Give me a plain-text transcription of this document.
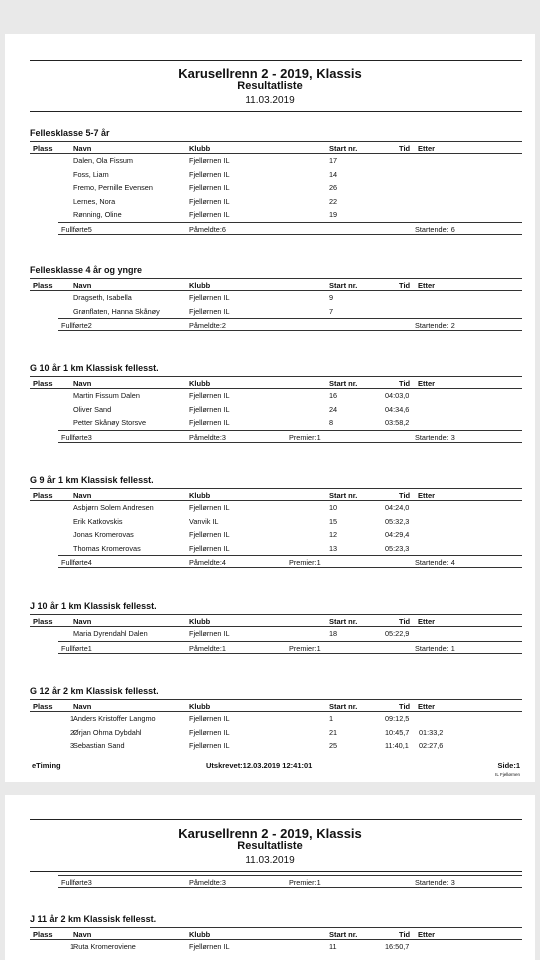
Karusellrenn 2 - 2019, Klassis
Resultatliste
11.03.2019
Fellesklasse 5-7 år
Plass	Navn	Klubb	Start nr.	Tid Etter
Dalen, Ola Fissum	Fjellørnen IL	17
Foss, Liam	Fjellørnen IL	14
Fremo, Pernille Evensen	Fjellørnen IL	26
Lernes, Nora	Fjellørnen IL	22
Rønning, Oline	Fjellørnen IL	19
Fullførte5	Påmeldte:6	Startende: 6
Fellesklasse 4 år og yngre
Plass	Navn	Klubb	Start nr.	Tid Etter
Dragseth, Isabella	Fjellørnen IL	9
Grønflaten, Hanna Skånøy	Fjellørnen IL	7
Fullførte2	Påmeldte:2	Startende: 2
G 10 år 1 km Klassisk fellesst.
Plass	Navn	Klubb	Start nr.	Tid Etter
Martin Fissum Dalen	Fjellørnen IL	16	04:03,0
Oliver Sand	Fjellørnen IL	24	04:34,6
Petter Skånøy Storsve	Fjellørnen IL	8	03:58,2
Fullførte3	Påmeldte:3	Premier:1	Startende: 3
G 9 år 1 km Klassisk fellesst.
Plass	Navn	Klubb	Start nr.	Tid Etter
Asbjørn Solem Andresen	Fjellørnen IL	10	04:24,0
Erik Katkovskis	Vanvik IL	15	05:32,3
Jonas Kromerovas	Fjellørnen IL	12	04:29,4
Thomas Kromerovas	Fjellørnen IL	13	05:23,3
Fullførte4	Påmeldte:4	Premier:1	Startende: 4
J 10 år 1 km Klassisk fellesst.
Plass	Navn	Klubb	Start nr.	Tid Etter
Maria Dyrendahl Dalen	Fjellørnen IL	18	05:22,9
Fullførte1	Påmeldte:1	Premier:1	Startende: 1
G 12 år 2 km Klassisk fellesst.
Plass	Navn	Klubb	Start nr.	Tid Etter
1 Anders Kristoffer Langmo	Fjellørnen IL	1	09:12,5
2 Ørjan Ohma Dybdahl	Fjellørnen IL	21	10:45,7 01:33,2
3 Sebastian Sand	Fjellørnen IL	25	11:40,1 02:27,6
eTiming	Utskrevet:12.03.2019 12:41:01	Side:1
IL Fjellørnen
Karusellrenn 2 - 2019, Klassis
Resultatliste
11.03.2019
Fullførte3	Påmeldte:3	Premier:1	Startende: 3
J 11 år 2 km Klassisk fellesst.
Plass	Navn	Klubb	Start nr.	Tid Etter
1 Ruta Kromeroviene	Fjellørnen IL	11	16:50,7
